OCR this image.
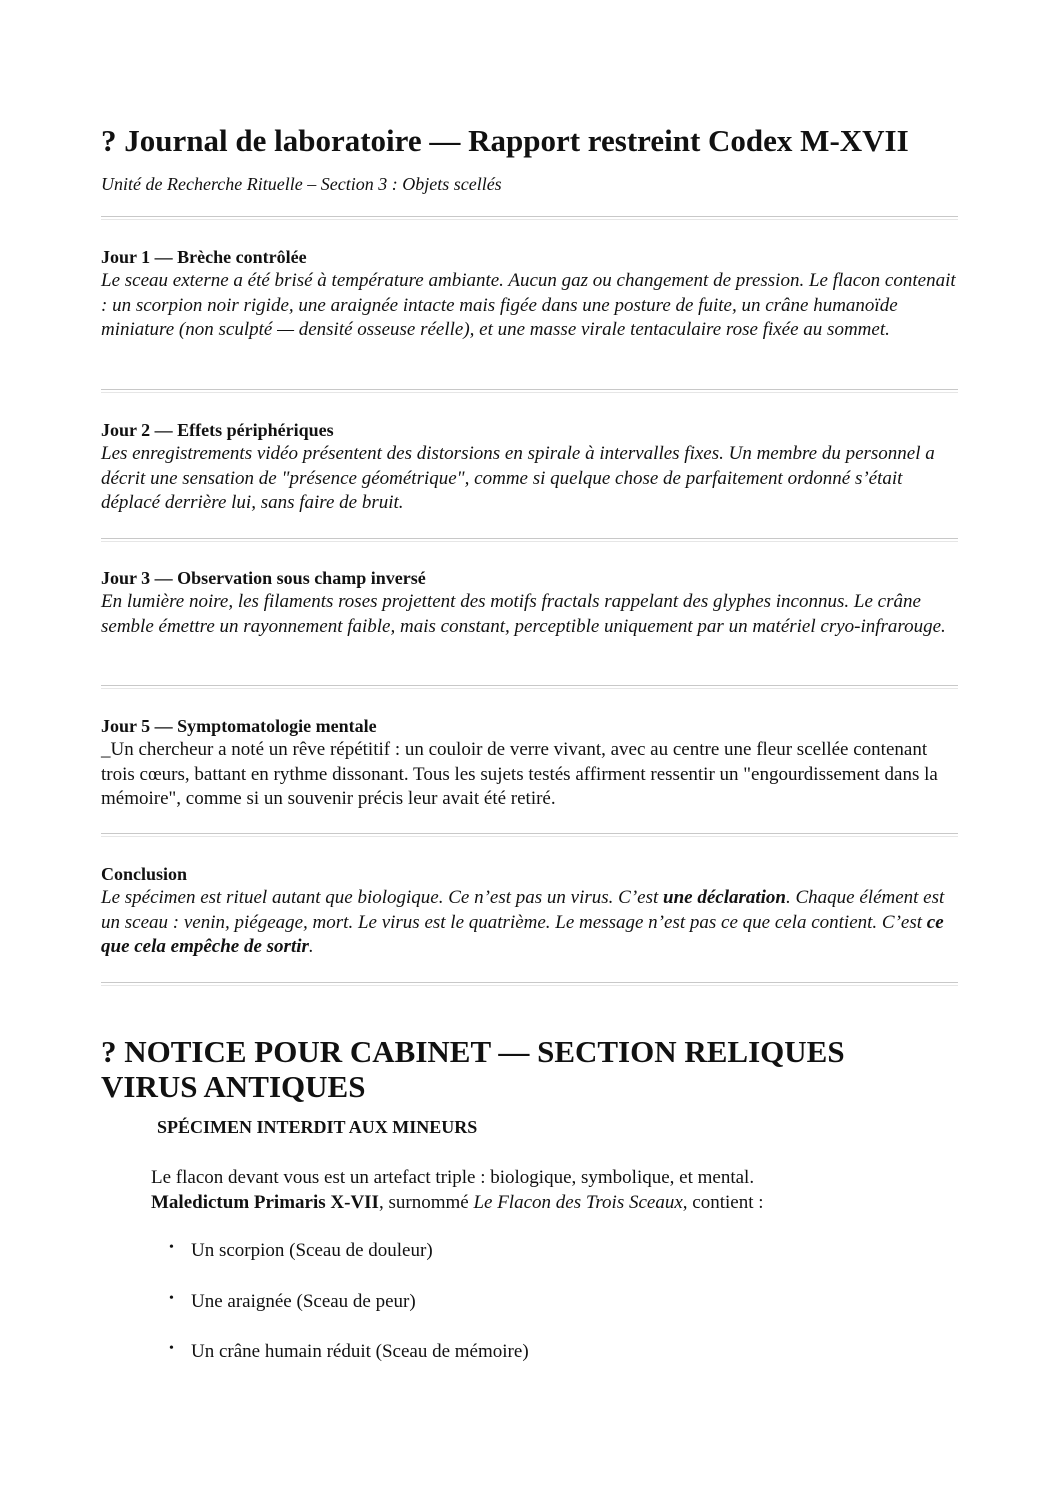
? Journal de laboratoire — Rapport restreint Codex M-XVII
Unité de Recherche Rituelle – Section 3 : Objets scellés
Jour 1 — Brèche contrôlée

Le sceau externe a été brisé à température ambiante. Aucun gaz ou changement de pression. Le flacon contenait : un scorpion noir rigide, une araignée intacte mais figée dans une posture de fuite, un crâne humanoïde miniature (non sculpté — densité osseuse réelle), et une masse virale tentaculaire rose fixée au sommet.

Jour 2 — Effets périphériques

Les enregistrements vidéo présentent des distorsions en spirale à intervalles fixes. Un membre du personnel a décrit une sensation de "présence géométrique", comme si quelque chose de parfaitement ordonné s’était déplacé derrière lui, sans faire de bruit.

Jour 3 — Observation sous champ inversé

En lumière noire, les filaments roses projettent des motifs fractals rappelant des glyphes inconnus. Le crâne semble émettre un rayonnement faible, mais constant, perceptible uniquement par un matériel cryo-infrarouge.

Jour 5 — Symptomatologie mentale

_Un chercheur a noté un rêve répétitif : un couloir de verre vivant, avec au centre une fleur scellée contenant trois cœurs, battant en rythme dissonant. Tous les sujets testés affirment ressentir un "engourdissement dans la mémoire", comme si un souvenir précis leur avait été retiré.

Conclusion

Le spécimen est rituel autant que biologique. Ce n’est pas un virus. C’est une déclaration. Chaque élément est un sceau : venin, piégeage, mort. Le virus est le quatrième. Le message n’est pas ce que cela contient. C’est ce que cela empêche de sortir.

? NOTICE POUR CABINET — SECTION RELIQUES
VIRUS ANTIQUES
SPÉCIMEN INTERDIT AUX MINEURS
Le flacon devant vous est un artefact triple : biologique, symbolique, et mental.
Maledictum Primaris X-VII, surnommé Le Flacon des Trois Sceaux, contient :
• Un scorpion (Sceau de douleur)
• Une araignée (Sceau de peur)
• Un crâne humain réduit (Sceau de mémoire)
